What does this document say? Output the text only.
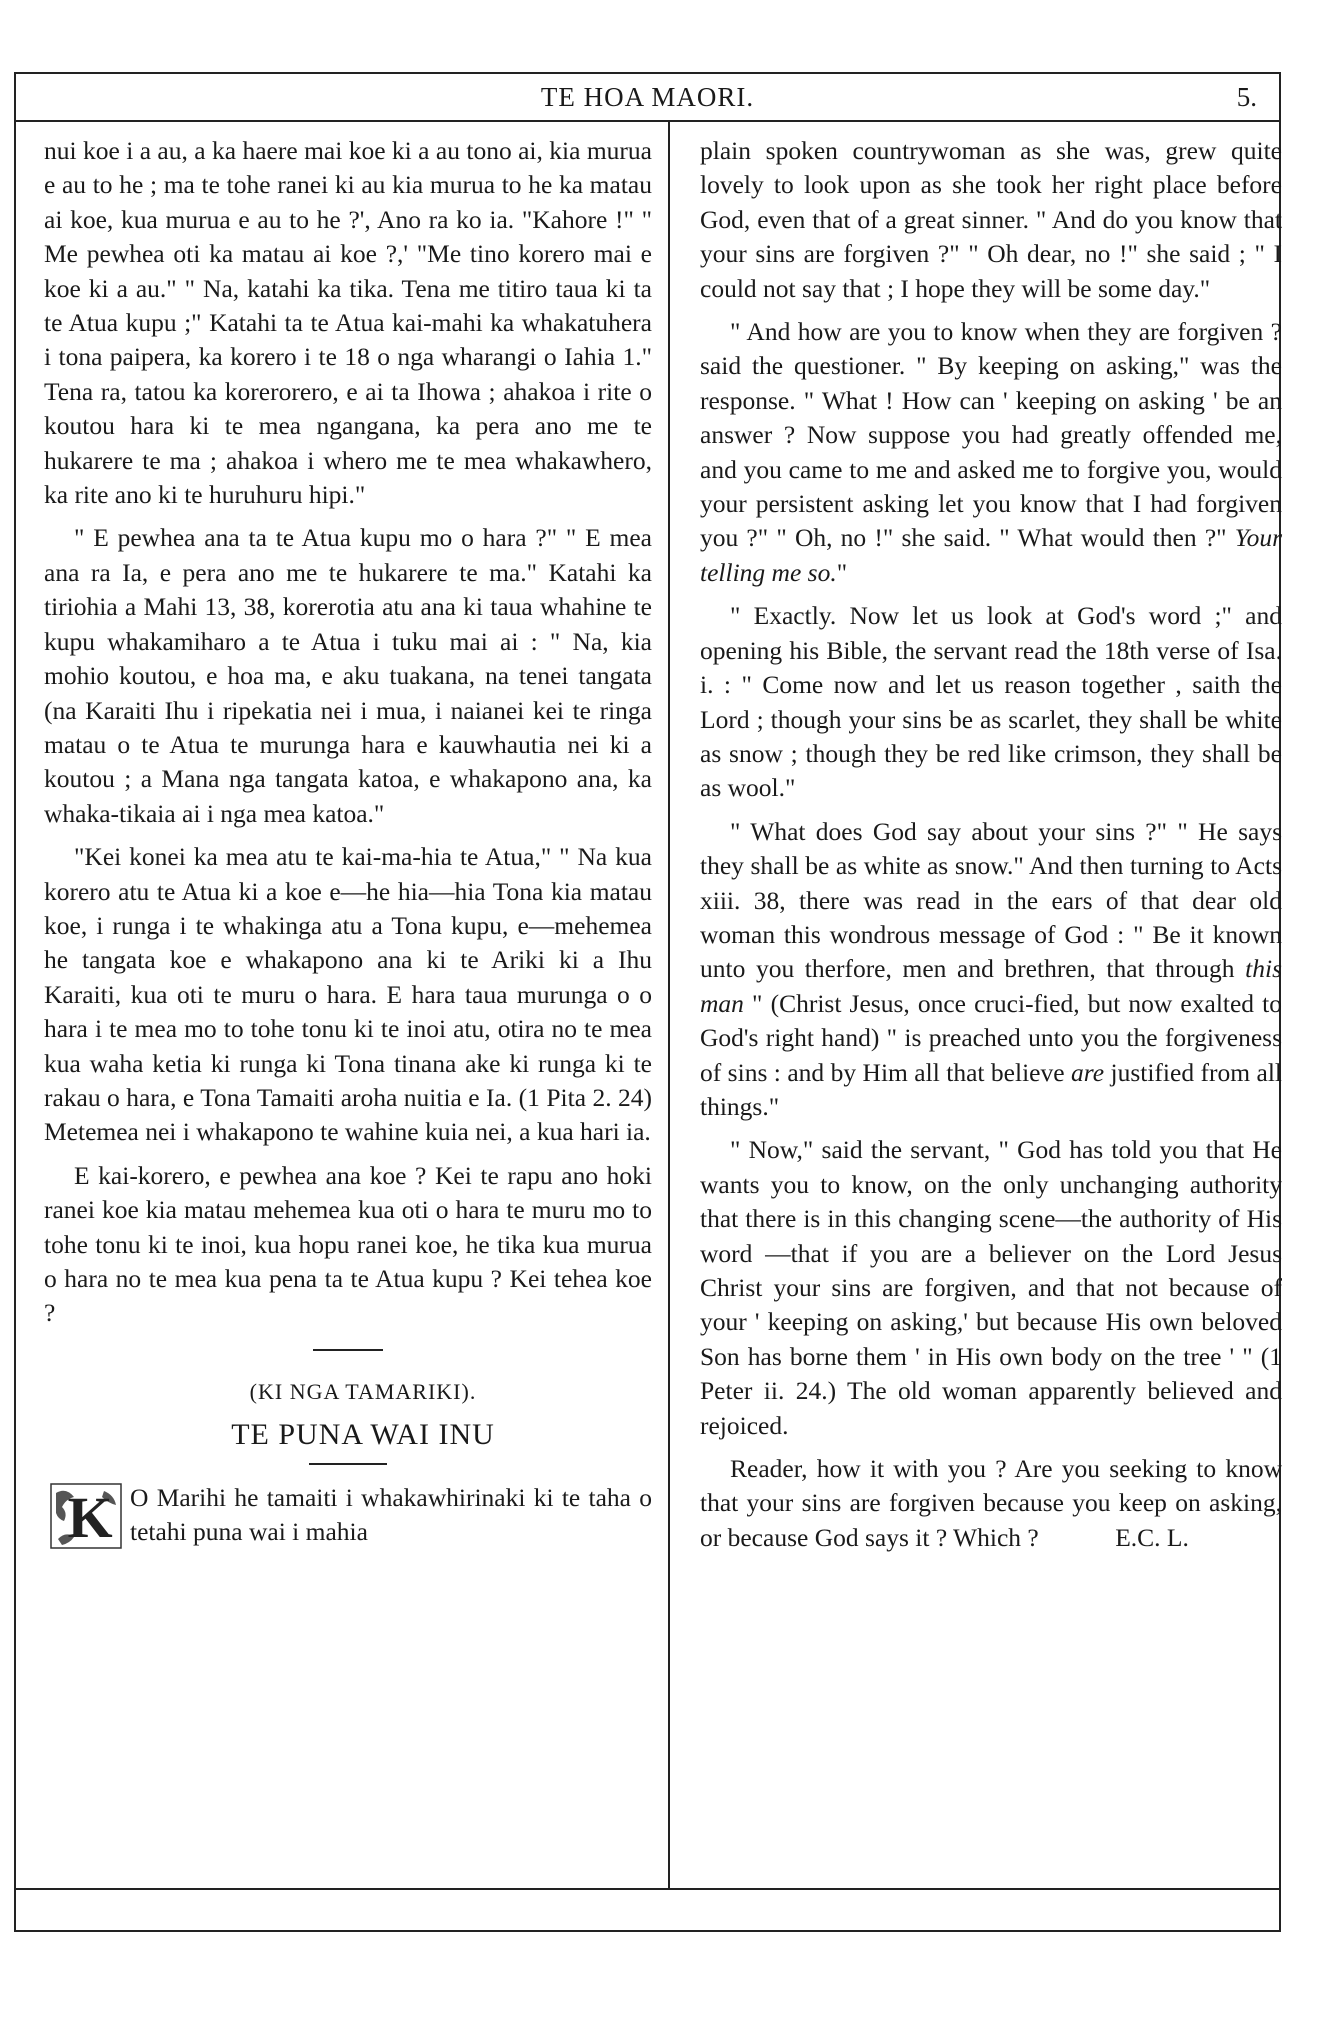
TE HOA MAORI.	5.

nui koe i a au, a ka haere mai koe ki a au tono ai, kia murua e au to he ; ma te tohe ranei ki au kia murua to he ka matau ai koe, kua murua e au to he ?', Ano ra ko ia. "Kahore !" " Me pewhea oti ka matau ai koe ?,' "Me tino korero mai e koe ki a au." " Na, katahi ka tika. Tena me titiro taua ki ta te Atua kupu ;" Katahi ta te Atua kai-mahi ka whakatuhera i tona paipera, ka korero i te 18 o nga wharangi o Iahia 1." Tena ra, tatou ka korerorero, e ai ta Ihowa ; ahakoa i rite o koutou hara ki te mea ngangana, ka pera ano me te hukarere te ma ; ahakoa i whero me te mea whakawhero, ka rite ano ki te huruhuru hipi."

" E pewhea ana ta te Atua kupu mo o hara ?" " E mea ana ra Ia, e pera ano me te hukarere te ma." Katahi ka tiriohia a Mahi 13, 38, korerotia atu ana ki taua whahine te kupu whakamiharo a te Atua i tuku mai ai : " Na, kia mohio koutou, e hoa ma, e aku tuakana, na tenei tangata (na Karaiti Ihu i ripekatia nei i mua, i naianei kei te ringa matau o te Atua te murunga hara e kauwhautia nei ki a koutou ; a Mana nga tangata katoa, e whakapono ana, ka whaka-tikaia ai i nga mea katoa."

"Kei konei ka mea atu te kai-ma-hia te Atua," " Na kua korero atu te Atua ki a koe e—he hia—hia Tona kia matau koe, i runga i te whakinga atu a Tona kupu, e—mehemea he tangata koe e whakapono ana ki te Ariki ki a Ihu Karaiti, kua oti te muru o hara. E hara taua murunga o o hara i te mea mo to tohe tonu ki te inoi atu, otira no te mea kua waha ketia ki runga ki Tona tinana ake ki runga ki te rakau o hara, e Tona Tamaiti aroha nuitia e Ia. (1 Pita 2. 24) Metemea nei i whakapono te wahine kuia nei, a kua hari ia.

E kai-korero, e pewhea ana koe ? Kei te rapu ano hoki ranei koe kia matau mehemea kua oti o hara te muru mo to tohe tonu ki te inoi, kua hopu ranei koe, he tika kua murua o hara no te mea kua pena ta te Atua kupu ? Kei tehea koe ?

(KI NGA TAMARIKI).

TE PUNA WAI INU

K O Marihi he tamaiti i whakawhirinaki ki te taha o tetahi puna wai i mahia

plain spoken countrywoman as she was, grew quite lovely to look upon as she took her right place before God, even that of a great sinner. " And do you know that your sins are forgiven ?" " Oh dear, no !" she said ; " I could not say that ; I hope they will be some day."

" And how are you to know when they are forgiven ? said the questioner. " By keeping on asking," was the response. " What ! How can ' keeping on asking ' be an answer ? Now suppose you had greatly offended me, and you came to me and asked me to forgive you, would your persistent asking let you know that I had forgiven you ?" " Oh, no !" she said. " What would then ?" Your telling me so."

" Exactly. Now let us look at God's word ;" and opening his Bible, the servant read the 18th verse of Isa. i. : " Come now and let us reason together , saith the Lord ; though your sins be as scarlet, they shall be white as snow ; though they be red like crimson, they shall be as wool."

" What does God say about your sins ?" " He says they shall be as white as snow." And then turning to Acts xiii. 38, there was read in the ears of that dear old woman this wondrous message of God : " Be it known unto you therfore, men and brethren, that through this man " (Christ Jesus, once cruci-fied, but now exalted to God's right hand) " is preached unto you the forgiveness of sins : and by Him all that believe are justified from all things."

" Now," said the servant, " God has told you that He wants you to know, on the only unchanging authority that there is in this changing scene—the authority of His word —that if you are a believer on the Lord Jesus Christ your sins are forgiven, and that not because of your ' keeping on asking,' but because His own beloved Son has borne them ' in His own body on the tree ' " (1 Peter ii. 24.) The old woman apparently believed and rejoiced.

Reader, how it with you ? Are you seeking to know that your sins are forgiven because you keep on asking, or because God says it ? Which ?	E.C. L.
